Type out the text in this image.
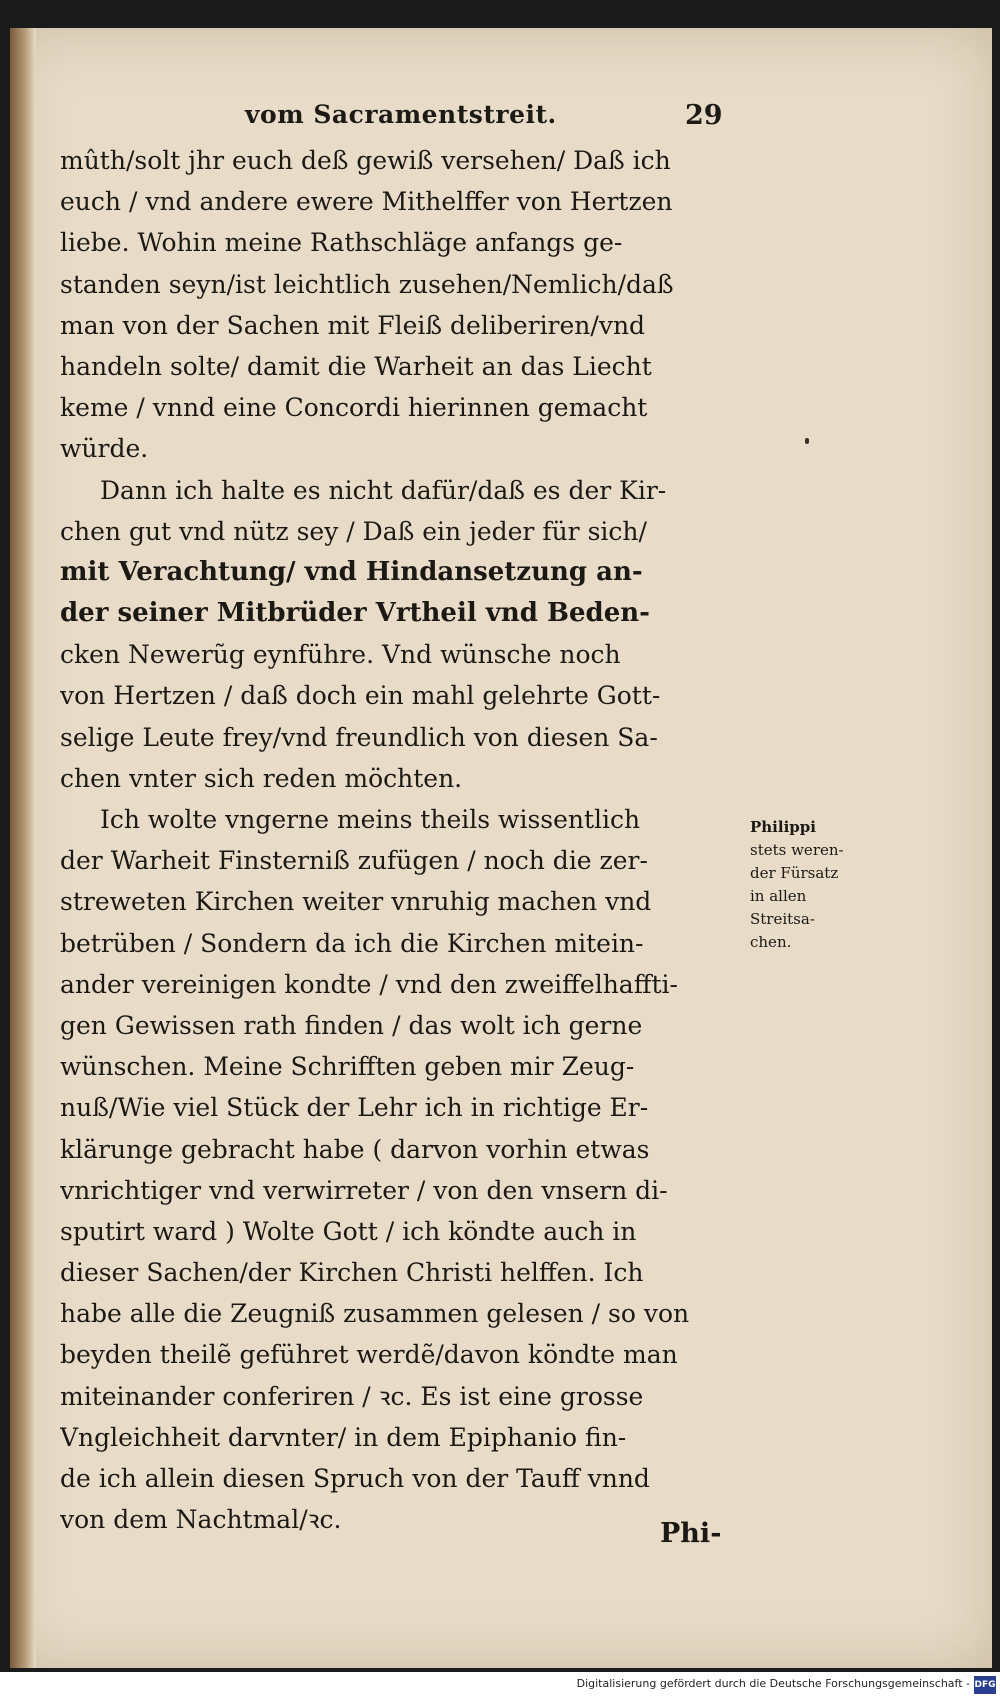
vom Sacramentstreit.	29
mûth/solt jhr euch deß gewiß versehen/ Daß ich
euch / vnd andere ewere Mithelffer von Hertzen
liebe. Wohin meine Rathschläge anfangs ge-
standen seyn/ist leichtlich zusehen/Nemlich/daß
man von der Sachen mit Fleiß deliberiren/vnd
handeln solte/ damit die Warheit an das Liecht
keme / vnnd eine Concordi hierinnen gemacht
würde.
Dann ich halte es nicht dafür/daß es der Kir-
chen gut vnd nütz sey / Daß ein jeder für sich/
mit Verachtung/ vnd Hindansetzung an-
der seiner Mitbrüder Vrtheil vnd Beden-
cken Newerũg eynführe. Vnd wünsche noch
von Hertzen / daß doch ein mahl gelehrte Gott-
selige Leute frey/vnd freundlich von diesen Sa-
chen vnter sich reden möchten.
Ich wolte vngerne meins theils wissentlich
der Warheit Finsterniß zufügen / noch die zer-
streweten Kirchen weiter vnruhig machen vnd
betrüben / Sondern da ich die Kirchen mitein-
ander vereinigen kondte / vnd den zweiffelhaffti-
gen Gewissen rath finden / das wolt ich gerne
wünschen. Meine Schrifften geben mir Zeug-
nuß/Wie viel Stück der Lehr ich in richtige Er-
klärunge gebracht habe ( darvon vorhin etwas
vnrichtiger vnd verwirreter / von den vnsern di-
sputirt ward ) Wolte Gott / ich köndte auch in
dieser Sachen/der Kirchen Christi helffen. Ich
habe alle die Zeugniß zusammen gelesen / so von
beyden theilẽ geführet werdẽ/davon köndte man
miteinander conferiren / ꝛc. Es ist eine grosse
Vngleichheit darvnter/ in dem Epiphanio fin-
de ich allein diesen Spruch von der Tauff vnnd
von dem Nachtmal/ꝛc.
Philippi
stets weren-
der Fürsatz
in allen
Streitsa-
chen.
Phi-
Digitalisierung gefördert durch die Deutsche Forschungsgemeinschaft - DFG
